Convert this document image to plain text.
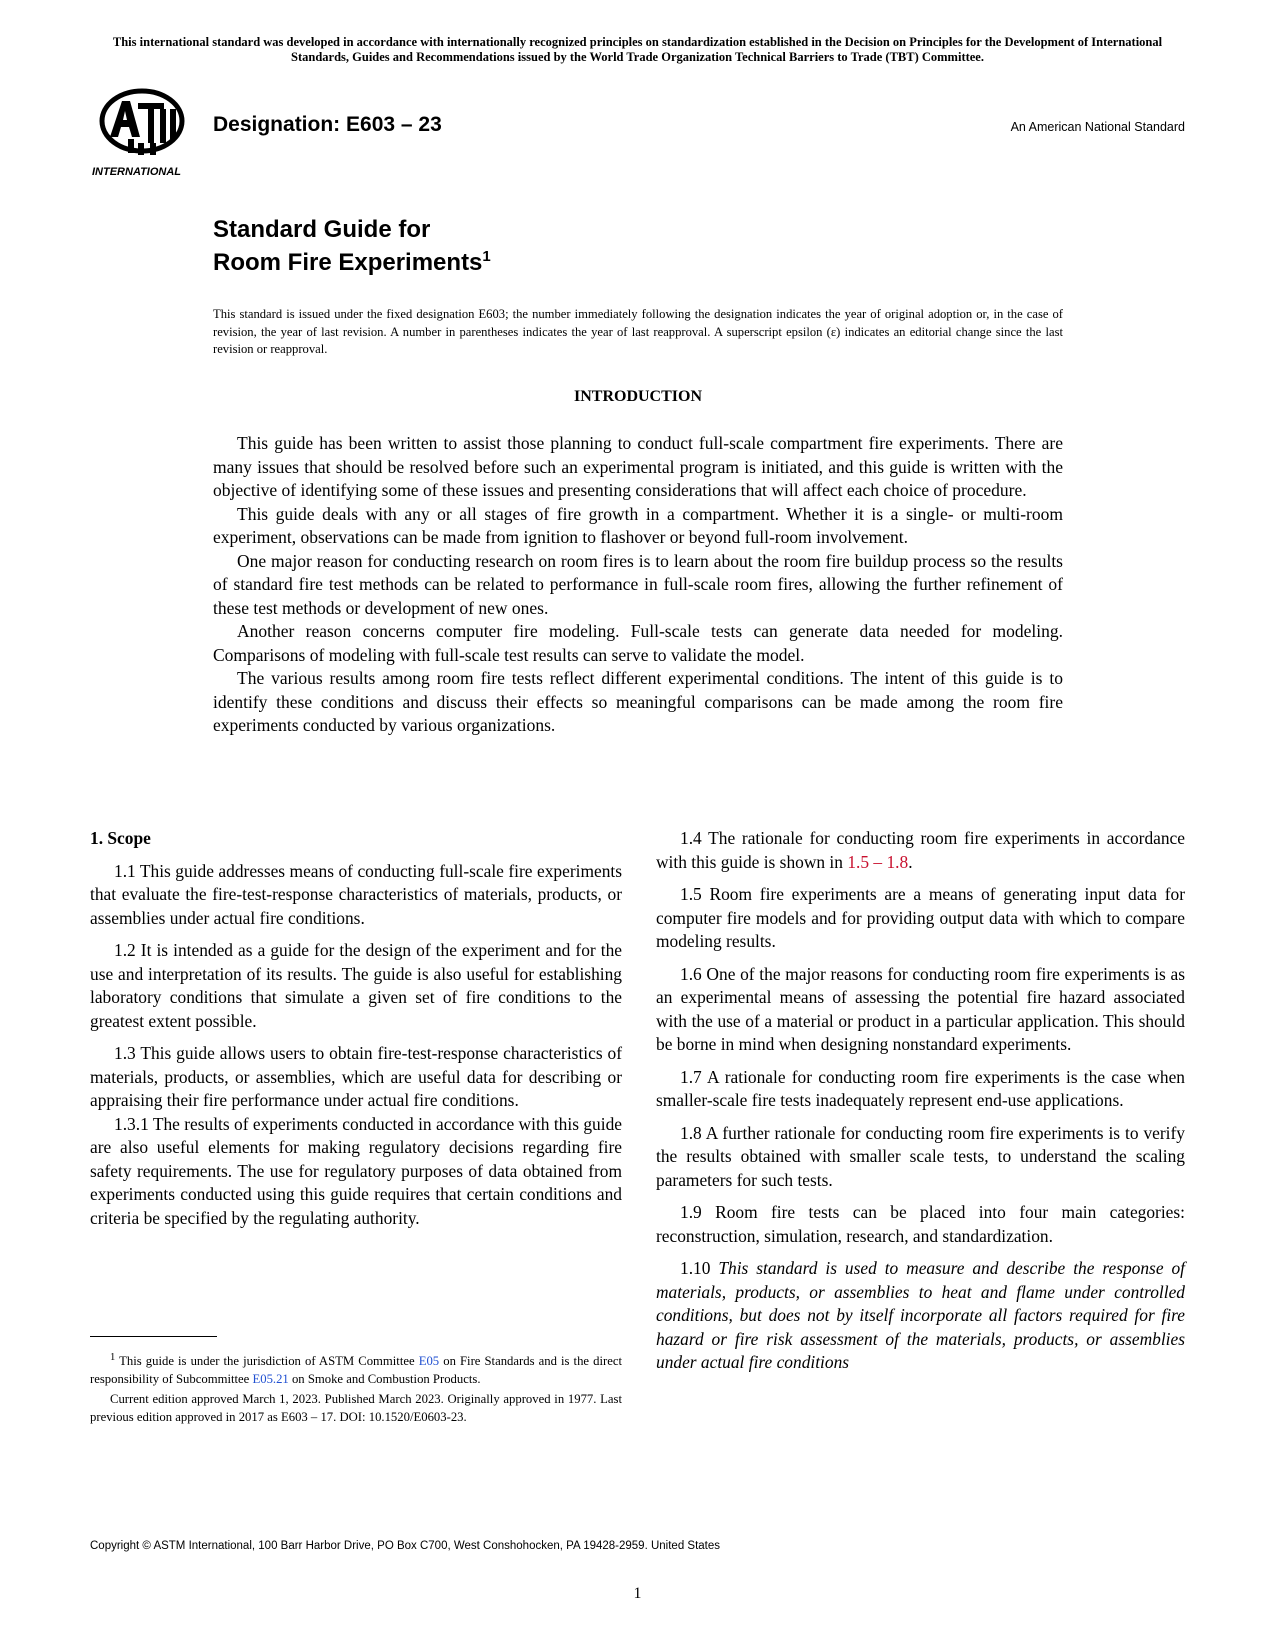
This international standard was developed in accordance with internationally recognized principles on standardization established in the Decision on Principles for the Development of International Standards, Guides and Recommendations issued by the World Trade Organization Technical Barriers to Trade (TBT) Committee.
INTERNATIONAL
Designation: E603 – 23	An American National Standard
Standard Guide for
Room Fire Experiments$^1$
This standard is issued under the fixed designation E603; the number immediately following the designation indicates the year of original adoption or, in the case of revision, the year of last revision. A number in parentheses indicates the year of last reapproval. A superscript epsilon (ε) indicates an editorial change since the last revision or reapproval.
INTRODUCTION

This guide has been written to assist those planning to conduct full-scale compartment fire experiments. There are many issues that should be resolved before such an experimental program is initiated, and this guide is written with the objective of identifying some of these issues and presenting considerations that will affect each choice of procedure.

This guide deals with any or all stages of fire growth in a compartment. Whether it is a single- or multi-room experiment, observations can be made from ignition to flashover or beyond full-room involvement.

One major reason for conducting research on room fires is to learn about the room fire buildup process so the results of standard fire test methods can be related to performance in full-scale room fires, allowing the further refinement of these test methods or development of new ones.

Another reason concerns computer fire modeling. Full-scale tests can generate data needed for modeling. Comparisons of modeling with full-scale test results can serve to validate the model.

The various results among room fire tests reflect different experimental conditions. The intent of this guide is to identify these conditions and discuss their effects so meaningful comparisons can be made among the room fire experiments conducted by various organizations.

1. Scope

1.1 This guide addresses means of conducting full-scale fire experiments that evaluate the fire-test-response characteristics of materials, products, or assemblies under actual fire conditions.

1.2 It is intended as a guide for the design of the experiment and for the use and interpretation of its results. The guide is also useful for establishing laboratory conditions that simulate a given set of fire conditions to the greatest extent possible.

1.3 This guide allows users to obtain fire-test-response characteristics of materials, products, or assemblies, which are useful data for describing or appraising their fire performance under actual fire conditions.

1.3.1 The results of experiments conducted in accordance with this guide are also useful elements for making regulatory decisions regarding fire safety requirements. The use for regulatory purposes of data obtained from experiments conducted using this guide requires that certain conditions and criteria be specified by the regulating authority.

1.4 The rationale for conducting room fire experiments in accordance with this guide is shown in 1.5 – 1.8.

1.5 Room fire experiments are a means of generating input data for computer fire models and for providing output data with which to compare modeling results.

1.6 One of the major reasons for conducting room fire experiments is as an experimental means of assessing the potential fire hazard associated with the use of a material or product in a particular application. This should be borne in mind when designing nonstandard experiments.

1.7 A rationale for conducting room fire experiments is the case when smaller-scale fire tests inadequately represent end-use applications.

1.8 A further rationale for conducting room fire experiments is to verify the results obtained with smaller scale tests, to understand the scaling parameters for such tests.

1.9 Room fire tests can be placed into four main categories: reconstruction, simulation, research, and standardization.

1.10 This standard is used to measure and describe the response of materials, products, or assemblies to heat and flame under controlled conditions, but does not by itself incorporate all factors required for fire hazard or fire risk assessment of the materials, products, or assemblies under actual fire conditions

$^1$ This guide is under the jurisdiction of ASTM Committee E05 on Fire Standards and is the direct responsibility of Subcommittee E05.21 on Smoke and Combustion Products.

Current edition approved March 1, 2023. Published March 2023. Originally approved in 1977. Last previous edition approved in 2017 as E603 – 17. DOI: 10.1520/E0603-23.

Copyright © ASTM International, 100 Barr Harbor Drive, PO Box C700, West Conshohocken, PA 19428-2959. United States
1
